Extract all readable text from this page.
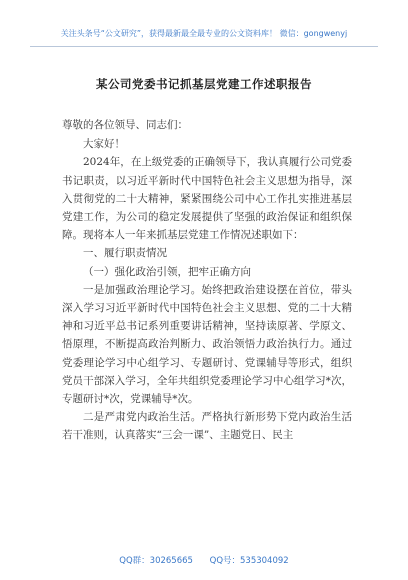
关注头条号“公文研究”，获得最新最全最专业的公文资料库！ 微信：gongwenyj
某公司党委书记抓基层党建工作述职报告

尊敬的各位领导、同志们：

大家好！

2024年，在上级党委的正确领导下，我认真履行公司党委书记职责，以习近平新时代中国特色社会主义思想为指导，深入贯彻党的二十大精神，紧紧围绕公司中心工作扎实推进基层党建工作，为公司的稳定发展提供了坚强的政治保证和组织保障。现将本人一年来抓基层党建工作情况述职如下：

一、履行职责情况

（一）强化政治引领，把牢正确方向

一是加强政治理论学习。始终把政治建设摆在首位，带头深入学习习近平新时代中国特色社会主义思想、党的二十大精神和习近平总书记系列重要讲话精神，坚持读原著、学原文、悟原理，不断提高政治判断力、政治领悟力政治执行力。通过党委理论学习中心组学习、专题研讨、党课辅导等形式，组织党员干部深入学习，全年共组织党委理论学习中心组学习*次，专题研讨*次，党课辅导*次。

二是严肃党内政治生活。严格执行新形势下党内政治生活若干准则，认真落实“三会一课”、主题党日、民主

QQ群：30265665 QQ号：535304092
